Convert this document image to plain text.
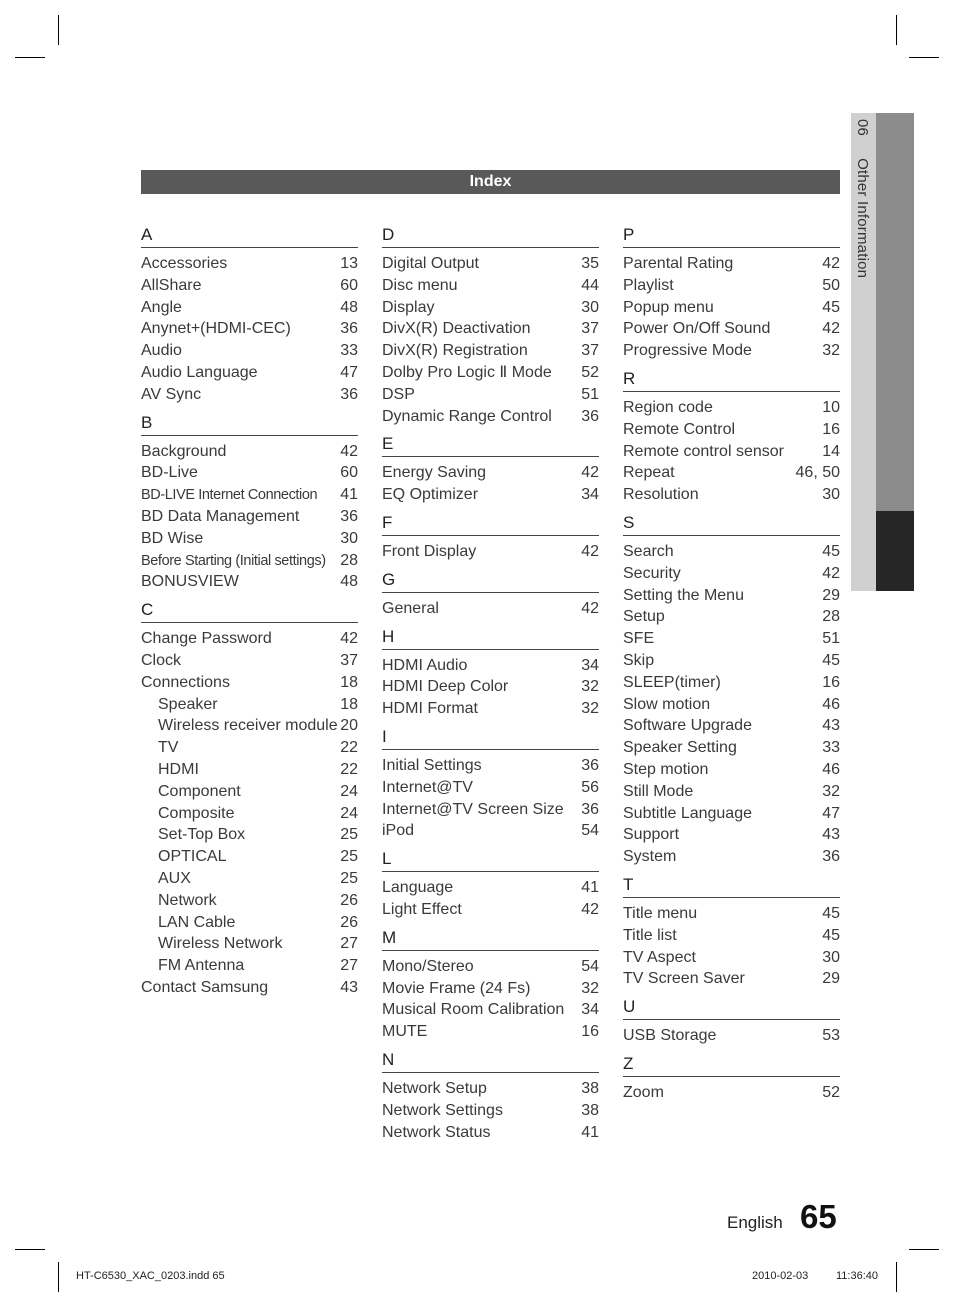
06Other Information
Index
A
Accessories	13
AllShare	60
Angle	48
Anynet+(HDMI-CEC)	36
Audio	33
Audio Language	47
AV Sync	36
B
Background	42
BD-Live	60
BD-LIVE Internet Connection 41
BD Data Management	36
BD Wise	30
Before Starting (Initial settings) 28
BONUSVIEW	48
C
Change Password	42
Clock	37
Connections	18
Speaker	18
Wireless receiver module 20
TV	22
HDMI	22
Component	24
Composite	24
Set-Top Box	25
OPTICAL	25
AUX	25
Network	26
LAN Cable	26
Wireless Network	27
FM Antenna	27
Contact Samsung	43
D
Digital Output	35
Disc menu	44
Display	30
DivX(R) Deactivation	37
DivX(R) Registration	37
Dolby Pro Logic Ⅱ Mode 52
DSP	51
Dynamic Range Control 36
E
Energy Saving	42
EQ Optimizer	34
F
Front Display	42
G
General	42
H
HDMI Audio	34
HDMI Deep Color	32
HDMI Format	32
I
Initial Settings	36
Internet@TV	56
Internet@TV Screen Size 36
iPod	54
L
Language	41
Light Effect	42
M
Mono/Stereo	54
Movie Frame (24 Fs)	32
Musical Room Calibration 34
MUTE	16
N
Network Setup	38
Network Settings	38
Network Status	41
P
Parental Rating	42
Playlist	50
Popup menu	45
Power On/Off Sound	42
Progressive Mode	32
R
Region code	10
Remote Control	16
Remote control sensor 14
Repeat	46, 50
Resolution	30
S
Search	45
Security	42
Setting the Menu	29
Setup	28
SFE	51
Skip	45
SLEEP(timer)	16
Slow motion	46
Software Upgrade	43
Speaker Setting	33
Step motion	46
Still Mode	32
Subtitle Language	47
Support	43
System	36
T
Title menu	45
Title list	45
TV Aspect	30
TV Screen Saver	29
U
USB Storage	53
Z
Zoom	52
English 65
HT-C6530_XAC_0203.indd 65	2010-02-03	11:36:40
